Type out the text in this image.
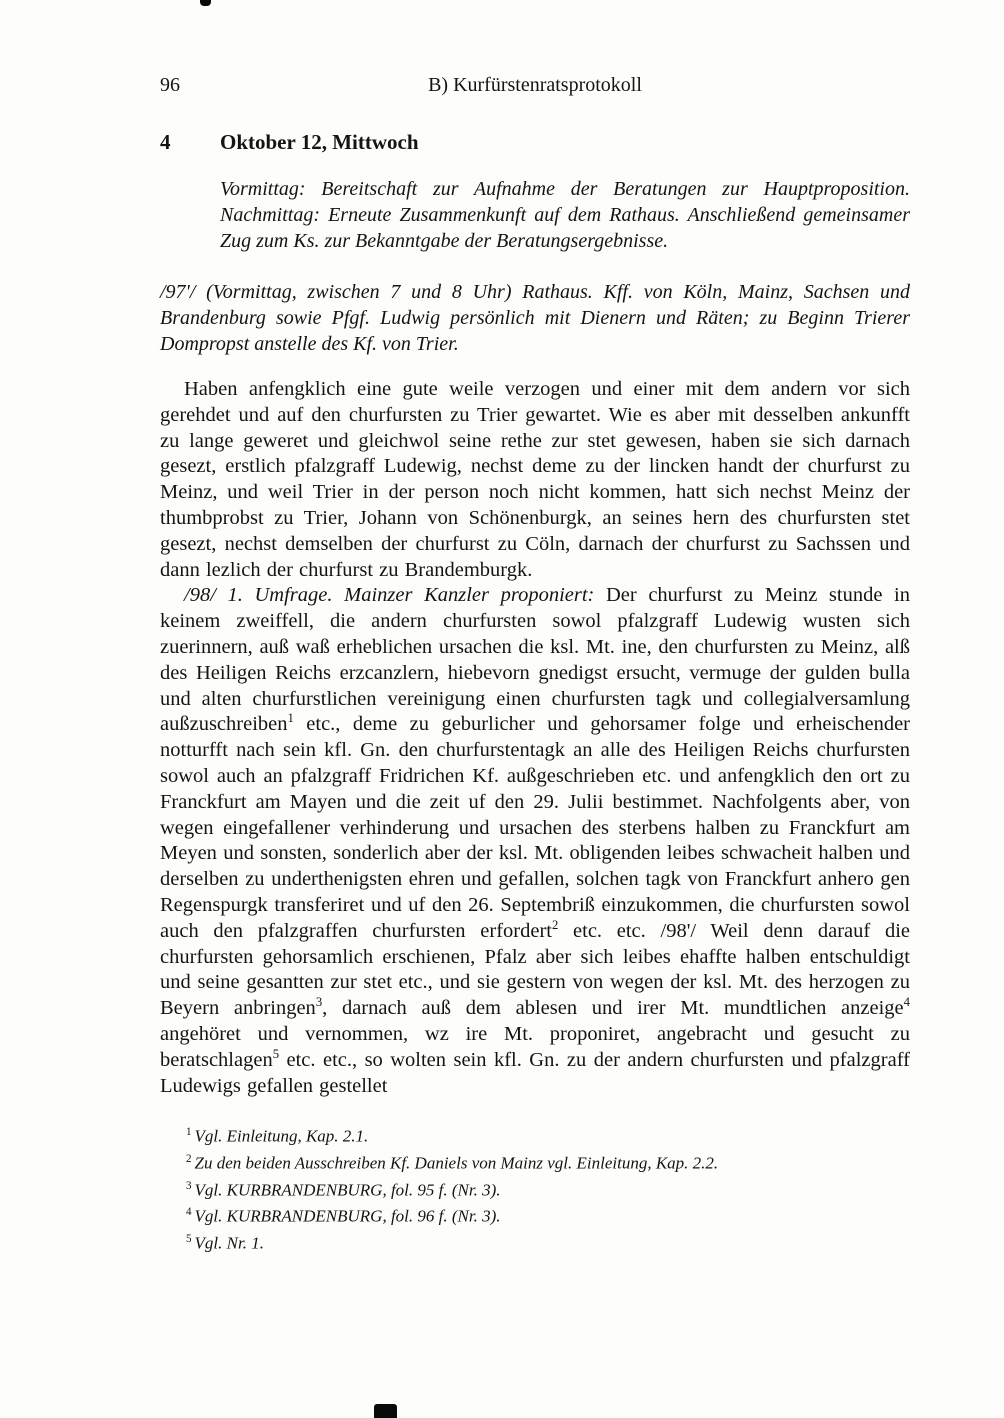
96	B) Kurfürstenratsprotokoll
4	Oktober 12, Mittwoch

Vormittag: Bereitschaft zur Aufnahme der Beratungen zur Hauptproposition. Nachmittag: Erneute Zusammenkunft auf dem Rathaus. Anschließend gemeinsamer Zug zum Ks. zur Bekanntgabe der Beratungsergebnisse.

/97'/ (Vormittag, zwischen 7 und 8 Uhr) Rathaus. Kff. von Köln, Mainz, Sachsen und Brandenburg sowie Pfgf. Ludwig persönlich mit Dienern und Räten; zu Beginn Trierer Dompropst anstelle des Kf. von Trier.

Haben anfengklich eine gute weile verzogen und einer mit dem andern vor sich gerehdet und auf den churfursten zu Trier gewartet. Wie es aber mit desselben ankunfft zu lange geweret und gleichwol seine rethe zur stet gewesen, haben sie sich darnach gesezt, erstlich pfalzgraff Ludewig, nechst deme zu der lincken handt der churfurst zu Meinz, und weil Trier in der person noch nicht kommen, hatt sich nechst Meinz der thumbprobst zu Trier, Johann von Schönenburgk, an seines hern des churfursten stet gesezt, nechst demselben der churfurst zu Cöln, darnach der churfurst zu Sachssen und dann lezlich der churfurst zu Brandemburgk.

/98/ 1. Umfrage. Mainzer Kanzler proponiert: Der churfurst zu Meinz stunde in keinem zweiffell, die andern churfursten sowol pfalzgraff Ludewig wusten sich zuerinnern, auß waß erheblichen ursachen die ksl. Mt. ine, den churfursten zu Meinz, alß des Heiligen Reichs erzcanzlern, hiebevorn gnedigst ersucht, vermuge der gulden bulla und alten churfurstlichen vereinigung einen churfursten tagk und collegialversamlung außzuschreiben$^1$ etc., deme zu geburlicher und gehorsamer folge und erheischender notturfft nach sein kfl. Gn. den churfurstentagk an alle des Heiligen Reichs churfursten sowol auch an pfalzgraff Fridrichen Kf. außgeschrieben etc. und anfengklich den ort zu Franckfurt am Mayen und die zeit uf den 29. Julii bestimmet. Nachfolgents aber, von wegen eingefallener verhinderung und ursachen des sterbens halben zu Franckfurt am Meyen und sonsten, sonderlich aber der ksl. Mt. obligenden leibes schwacheit halben und derselben zu underthenigsten ehren und gefallen, solchen tagk von Franckfurt anhero gen Regenspurgk transferiret und uf den 26. Septembriß einzukommen, die churfursten sowol auch den pfalzgraffen churfursten erfordert$^2$ etc. etc. /98'/ Weil denn darauf die churfursten gehorsamlich erschienen, Pfalz aber sich leibes ehaffte halben entschuldigt und seine gesantten zur stet etc., und sie gestern von wegen der ksl. Mt. des herzogen zu Beyern anbringen$^3$, darnach auß dem ablesen und irer Mt. mundtlichen anzeige$^4$ angehöret und vernommen, wz ire Mt. proponiret, angebracht und gesucht zu beratschlagen$^5$ etc. etc., so wolten sein kfl. Gn. zu der andern churfursten und pfalzgraff Ludewigs gefallen gestellet

$^1$ Vgl. Einleitung, Kap. 2.1.
$^2$ Zu den beiden Ausschreiben Kf. Daniels von Mainz vgl. Einleitung, Kap. 2.2.
$^3$ Vgl. KURBRANDENBURG, fol. 95 f. (Nr. 3).
$^4$ Vgl. KURBRANDENBURG, fol. 96 f. (Nr. 3).
$^5$ Vgl. Nr. 1.
